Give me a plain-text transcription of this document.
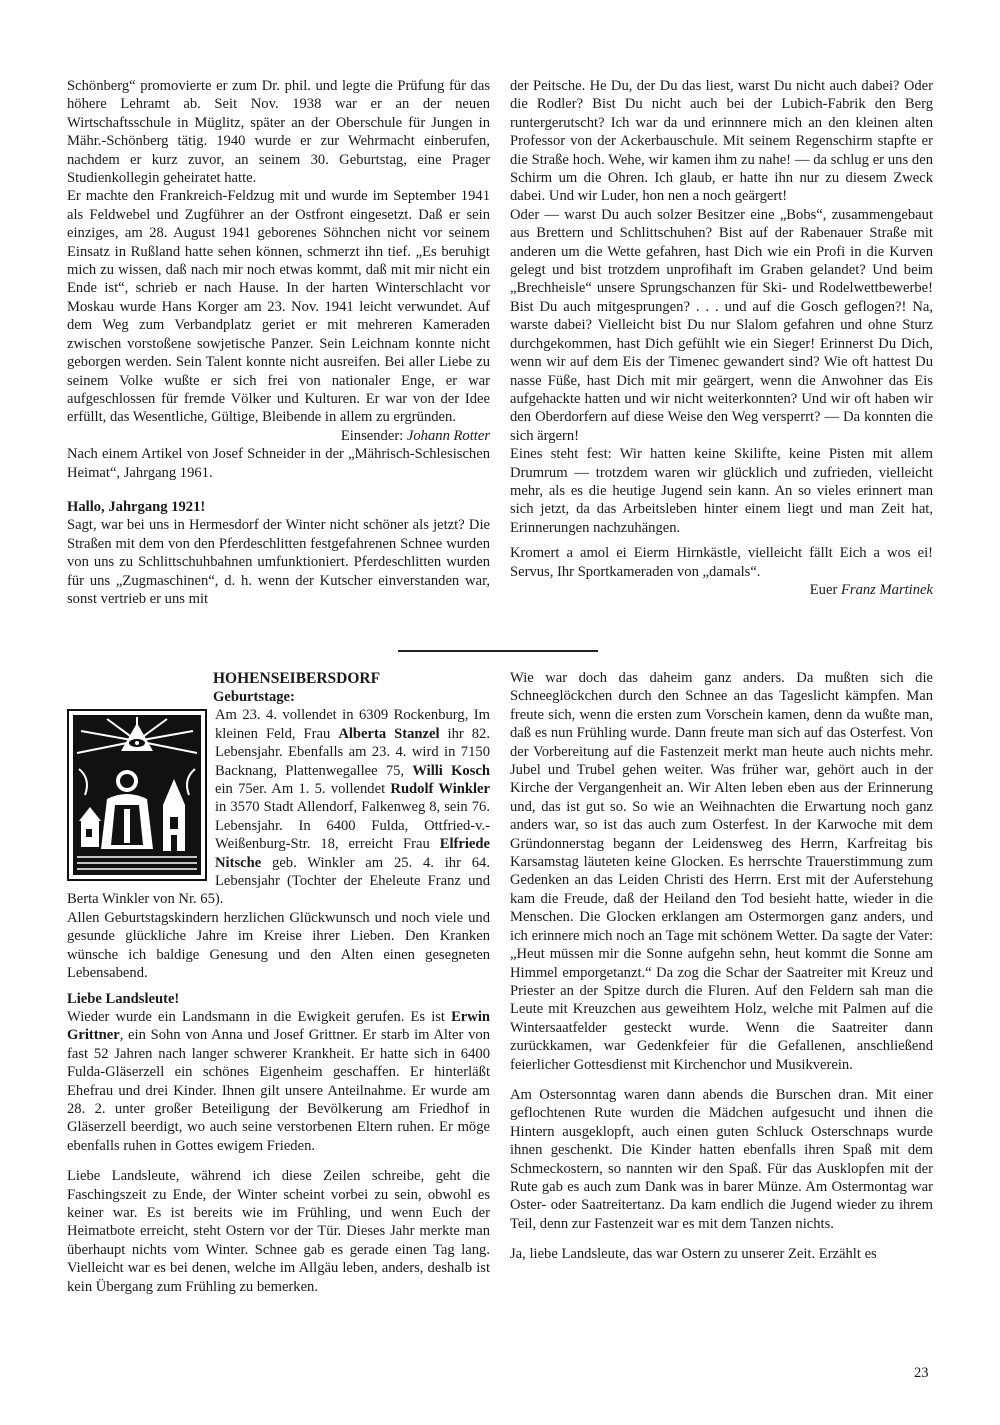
Schönberg“ promovierte er zum Dr. phil. und legte die Prüfung für das höhere Lehramt ab. Seit Nov. 1938 war er an der neuen Wirtschaftsschule in Müglitz, später an der Oberschule für Jungen in Mähr.-Schönberg tätig. 1940 wurde er zur Wehrmacht einberufen, nachdem er kurz zuvor, an seinem 30. Geburtstag, eine Prager Studienkollegin geheiratet hatte.

Er machte den Frankreich-Feldzug mit und wurde im September 1941 als Feldwebel und Zugführer an der Ostfront eingesetzt. Daß er sein einziges, am 28. August 1941 geborenes Söhnchen nicht vor seinem Einsatz in Rußland hatte sehen können, schmerzt ihn tief. „Es beruhigt mich zu wissen, daß nach mir noch etwas kommt, daß mit mir nicht ein Ende ist“, schrieb er nach Hause. In der harten Winterschlacht vor Moskau wurde Hans Korger am 23. Nov. 1941 leicht verwundet. Auf dem Weg zum Verbandplatz geriet er mit mehreren Kameraden zwischen vorstoßene sowjetische Panzer. Sein Leichnam konnte nicht geborgen werden. Sein Talent konnte nicht ausreifen. Bei aller Liebe zu seinem Volke wußte er sich frei von nationaler Enge, er war aufgeschlossen für fremde Völker und Kulturen. Er war von der Idee erfüllt, das Wesentliche, Gültige, Bleibende in allem zu ergründen.

Einsender: Johann Rotter

Nach einem Artikel von Josef Schneider in der „Mährisch-Schlesischen Heimat“, Jahrgang 1961.

Hallo, Jahrgang 1921!

Sagt, war bei uns in Hermesdorf der Winter nicht schöner als jetzt? Die Straßen mit dem von den Pferdeschlitten festgefahrenen Schnee wurden von uns zu Schlittschuhbahnen umfunktioniert. Pferdeschlitten wurden für uns „Zugmaschinen“, d. h. wenn der Kutscher einverstanden war, sonst vertrieb er uns mit

der Peitsche. He Du, der Du das liest, warst Du nicht auch dabei? Oder die Rodler? Bist Du nicht auch bei der Lubich-Fabrik den Berg runtergerutscht? Ich war da und erinnnere mich an den kleinen alten Professor von der Ackerbauschule. Mit seinem Regenschirm stapfte er die Straße hoch. Wehe, wir kamen ihm zu nahe! — da schlug er uns den Schirm um die Ohren. Ich glaub, er hatte ihn nur zu diesem Zweck dabei. Und wir Luder, hon nen a noch geärgert!

Oder — warst Du auch solzer Besitzer eine „Bobs“, zusammengebaut aus Brettern und Schlittschuhen? Bist auf der Rabenauer Straße mit anderen um die Wette gefahren, hast Dich wie ein Profi in die Kurven gelegt und bist trotzdem unprofihaft im Graben gelandet? Und beim „Brechheisle“ unsere Sprungschanzen für Ski- und Rodelwettbewerbe! Bist Du auch mitgesprungen? . . . und auf die Gosch geflogen?! Na, warste dabei? Vielleicht bist Du nur Slalom gefahren und ohne Sturz durchgekommen, hast Dich gefühlt wie ein Sieger! Erinnerst Du Dich, wenn wir auf dem Eis der Timenec gewandert sind? Wie oft hattest Du nasse Füße, hast Dich mit mir geärgert, wenn die Anwohner das Eis aufgehackte hatten und wir nicht weiterkonnten? Und wir oft haben wir den Oberdorfern auf diese Weise den Weg versperrt? — Da konnten die sich ärgern!

Eines steht fest: Wir hatten keine Skilifte, keine Pisten mit allem Drumrum — trotzdem waren wir glücklich und zufrieden, vielleicht mehr, als es die heutige Jugend sein kann. An so vieles erinnert man sich jetzt, da das Arbeitsleben hinter einem liegt und man Zeit hat, Erinnerungen nachzuhängen.

Kromert a amol ei Eierm Hirnkästle, vielleicht fällt Eich a wos ei! Servus, Ihr Sportkameraden von „damals“.

Euer Franz Martinek

HOHENSEIBERSDORF
Geburtstage:

Am 23. 4. vollendet in 6309 Rockenburg, Im kleinen Feld, Frau Alberta Stanzel ihr 82. Lebensjahr. Ebenfalls am 23. 4. wird in 7150 Backnang, Plattenwegallee 75, Willi Kosch ein 75er. Am 1. 5. vollendet Rudolf Winkler in 3570 Stadt Allendorf, Falkenweg 8, sein 76. Lebensjahr. In 6400 Fulda, Ottfried-v.-Weißenburg-Str. 18, erreicht Frau Elfriede Nitsche geb. Winkler am 25. 4. ihr 64. Lebensjahr (Tochter der Eheleute Franz und Berta Winkler von Nr. 65).

Allen Geburtstagskindern herzlichen Glückwunsch und noch viele und gesunde glückliche Jahre im Kreise ihrer Lieben. Den Kranken wünsche ich baldige Genesung und den Alten einen gesegneten Lebensabend.

Liebe Landsleute!

Wieder wurde ein Landsmann in die Ewigkeit gerufen. Es ist Erwin Grittner, ein Sohn von Anna und Josef Grittner. Er starb im Alter von fast 52 Jahren nach langer schwerer Krankheit. Er hatte sich in 6400 Fulda-Gläserzell ein schönes Eigenheim geschaffen. Er hinterläßt Ehefrau und drei Kinder. Ihnen gilt unsere Anteilnahme. Er wurde am 28. 2. unter großer Beteiligung der Bevölkerung am Friedhof in Gläserzell beerdigt, wo auch seine verstorbenen Eltern ruhen. Er möge ebenfalls ruhen in Gottes ewigem Frieden.

Liebe Landsleute, während ich diese Zeilen schreibe, geht die Faschingszeit zu Ende, der Winter scheint vorbei zu sein, obwohl es keiner war. Es ist bereits wie im Frühling, und wenn Euch der Heimatbote erreicht, steht Ostern vor der Tür. Dieses Jahr merkte man überhaupt nichts vom Winter. Schnee gab es gerade einen Tag lang. Vielleicht war es bei denen, welche im Allgäu leben, anders, deshalb ist kein Übergang zum Frühling zu bemerken.

Wie war doch das daheim ganz anders. Da mußten sich die Schneeglöckchen durch den Schnee an das Tageslicht kämpfen. Man freute sich, wenn die ersten zum Vorschein kamen, denn da wußte man, daß es nun Frühling wurde. Dann freute man sich auf das Osterfest. Von der Vorbereitung auf die Fastenzeit merkt man heute auch nichts mehr. Jubel und Trubel gehen weiter. Was früher war, gehört auch in der Kirche der Vergangenheit an. Wir Alten leben eben aus der Erinnerung und, das ist gut so. So wie an Weihnachten die Erwartung noch ganz anders war, so ist das auch zum Osterfest. In der Karwoche mit dem Gründonnerstag begann der Leidensweg des Herrn, Karfreitag bis Karsamstag läuteten keine Glocken. Es herrschte Trauerstimmung zum Gedenken an das Leiden Christi des Herrn. Erst mit der Auferstehung kam die Freude, daß der Heiland den Tod besieht hatte, wieder in die Menschen. Die Glocken erklangen am Ostermorgen ganz anders, und ich erinnere mich noch an Tage mit schönem Wetter. Da sagte der Vater: „Heut müssen mir die Sonne aufgehn sehn, heut kommt die Sonne am Himmel emporgetanzt.“ Da zog die Schar der Saatreiter mit Kreuz und Priester an der Spitze durch die Fluren. Auf den Feldern sah man die Leute mit Kreuzchen aus geweihtem Holz, welche mit Palmen auf die Wintersaatfelder gesteckt wurde. Wenn die Saatreiter dann zurückkamen, war Gedenkfeier für die Gefallenen, anschließend feierlicher Gottesdienst mit Kirchenchor und Musikverein.

Am Ostersonntag waren dann abends die Burschen dran. Mit einer geflochtenen Rute wurden die Mädchen aufgesucht und ihnen die Hintern ausgeklopft, auch einen guten Schluck Osterschnaps wurde ihnen geschenkt. Die Kinder hatten ebenfalls ihren Spaß mit dem Schmeckostern, so nannten wir den Spaß. Für das Ausklopfen mit der Rute gab es auch zum Dank was in barer Münze. Am Ostermontag war Oster- oder Saatreitertanz. Da kam endlich die Jugend wieder zu ihrem Teil, denn zur Fastenzeit war es mit dem Tanzen nichts.

Ja, liebe Landsleute, das war Ostern zu unserer Zeit. Erzählt es

23
